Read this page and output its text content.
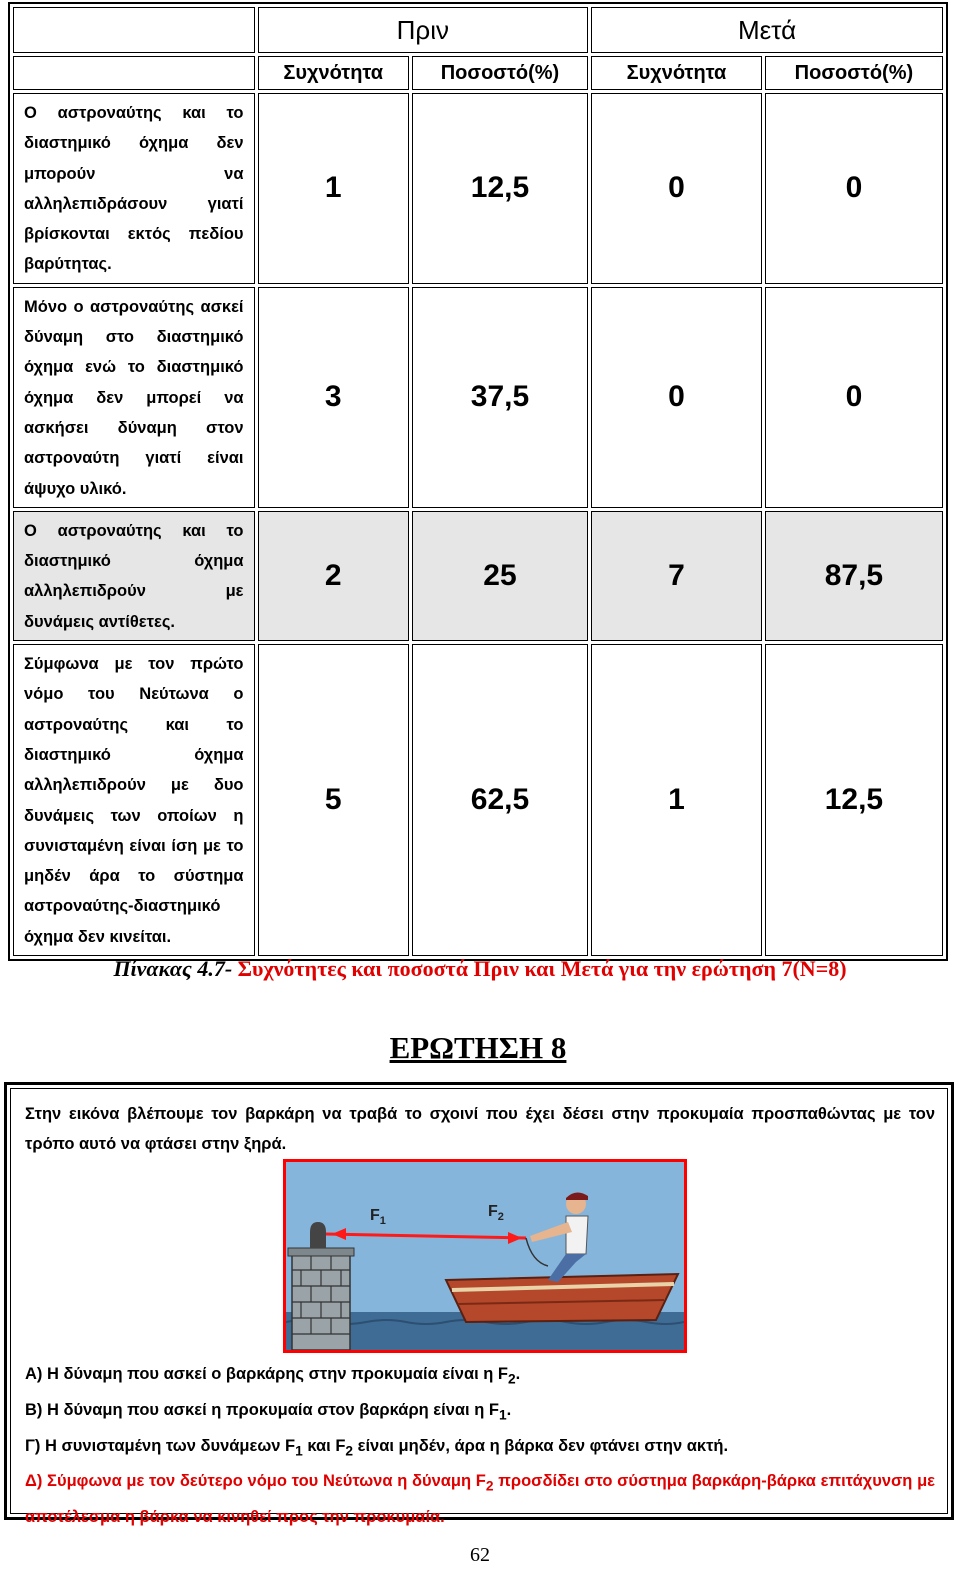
	Πριν		Μετά	
	Συχνότητα	Ποσοστό(%)	Συχνότητα	Ποσοστό(%)
Ο αστροναύτης και το διαστημικό όχημα δεν μπορούν να αλληλεπιδράσουν γιατί βρίσκονται εκτός πεδίου
βαρύτητας.	1	12,5	0	0
Μόνο ο αστροναύτης ασκεί δύναμη στο διαστημικό όχημα ενώ το διαστημικό όχημα δεν μπορεί να ασκήσει δύναμη στον αστροναύτη γιατί είναι
άψυχο υλικό.	3	37,5	0	0
Ο αστροναύτης και το διαστημικό όχημα αλληλεπιδρούν με
δυνάμεις αντίθετες.	2	25	7	87,5
Σύμφωνα με τον πρώτο νόμο του Νεύτωνα ο αστροναύτης και το διαστημικό όχημα αλληλεπιδρούν με δυο δυνάμεις των οποίων η συνισταμένη είναι ίση με το μηδέν άρα το σύστημα αστροναύτης-διαστημικό
όχημα δεν κινείται.	5	62,5	1	12,5
Πίνακας 4.7- Συχνότητες και ποσοστά Πριν και Μετά για την ερώτηση 7(Ν=8)
ΕΡΩΤΗΣΗ 8
Στην εικόνα βλέπουμε τον βαρκάρη να τραβά το σχοινί που έχει δέσει στην προκυμαία προσπαθώντας με τον τρόπο αυτό να φτάσει στην ξηρά.
$F_1$
$F_2$
Α) Η δύναμη που ασκεί ο βαρκάρης στην προκυμαία είναι η $F_2$.
Β) Η δύναμη που ασκεί η προκυμαία στον βαρκάρη είναι η $F_1$.
Γ) Η συνισταμένη των δυνάμεων $F_1$ και $F_2$ είναι μηδέν, άρα η βάρκα δεν φτάνει στην ακτή.
Δ) Σύμφωνα με τον δεύτερο νόμο του Νεύτωνα η δύναμη $F_2$ προσδίδει στο σύστημα βαρκάρη-βάρκα επιτάχυνση με αποτέλεσμα η βάρκα να κινηθεί προς την προκυμαία.
62
